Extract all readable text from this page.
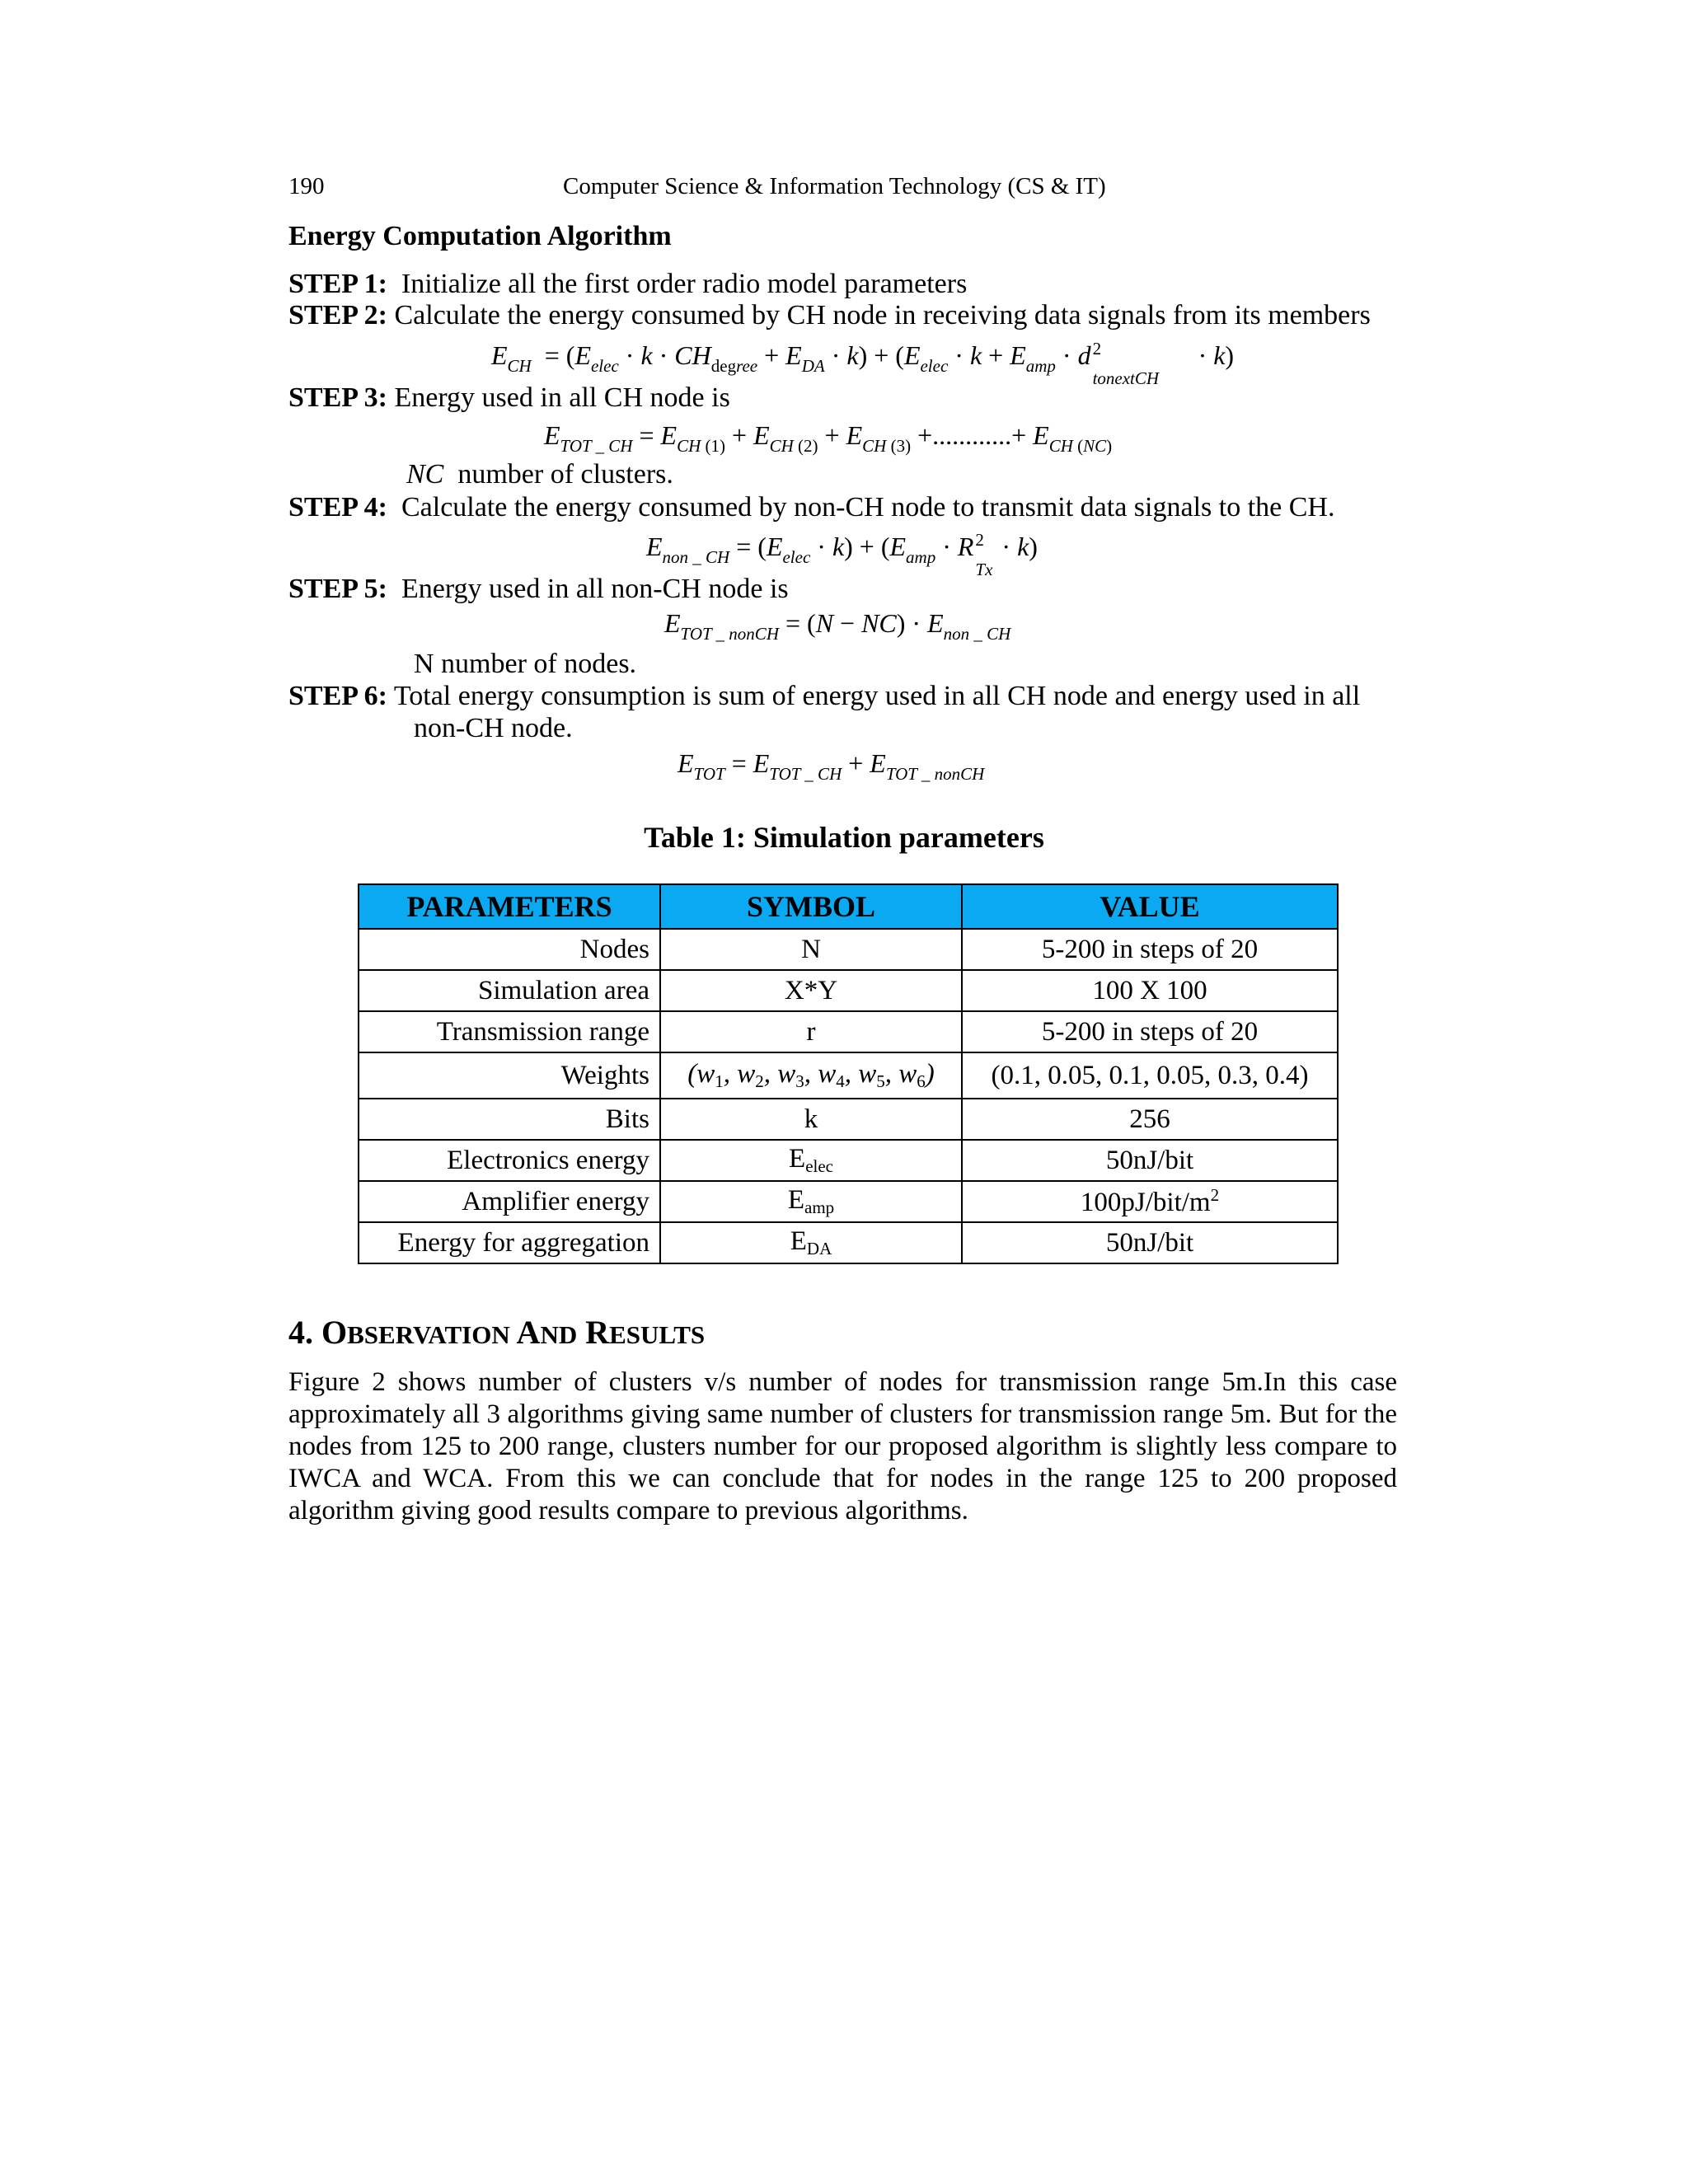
190	Computer Science & Information Technology (CS & IT)
Energy Computation Algorithm
STEP 1: Initialize all the first order radio model parameters
STEP 2: Calculate the energy consumed by CH node in receiving data signals from its members
$E_{CH} = (E_{elec} \cdot k \cdot CH_{degree} + E_{DA} \cdot k) + (E_{elec} \cdot k + E_{amp} \cdot d$ 2
tonextCH
· k)
STEP 3: Energy used in all CH node is
$E_{TOT \_ CH} = E_{CH (1)} + E_{CH (2)} + E_{CH (3)}$ +............+ $E_{CH (NC)}$
NC number of clusters.
STEP 4: Calculate the energy consumed by non-CH node to transmit data signals to the CH.
$E_{non \_ CH} = (E_{elec} \cdot k) + (E_{amp} \cdot R$ 2
Tx
· k)
STEP 5: Energy used in all non-CH node is
$E_{TOT \_ nonCH} = (N - NC) \cdot E_{non \_ CH}$
N number of nodes.
STEP 6: Total energy consumption is sum of energy used in all CH node and energy used in all
non-CH node.
$E_{TOT} = E_{TOT \_ CH} + E_{TOT \_ nonCH}$
Table 1: Simulation parameters
PARAMETERS	SYMBOL	VALUE
Nodes	N	5-200 in steps of 20
Simulation area	X*Y	100 X 100
Transmission range	r	5-200 in steps of 20
Weights	($w_1$, $w_2$, $w_3$, $w_4$, $w_5$, $w_6$)	(0.1, 0.05, 0.1, 0.05, 0.3, 0.4)
Bits	k	256
Electronics energy	$E_{elec}$	50nJ/bit
Amplifier energy	$E_{amp}$	$100pJ/bit/m^2$
Energy for aggregation	$E_{DA}$	50nJ/bit
4. OBSERVATION AND RESULTS
Figure 2 shows number of clusters v/s number of nodes for transmission range 5m.In this case approximately all 3 algorithms giving same number of clusters for transmission range 5m. But for the nodes from 125 to 200 range, clusters number for our proposed algorithm is slightly less compare to IWCA and WCA. From this we can conclude that for nodes in the range 125 to 200 proposed algorithm giving good results compare to previous algorithms.
